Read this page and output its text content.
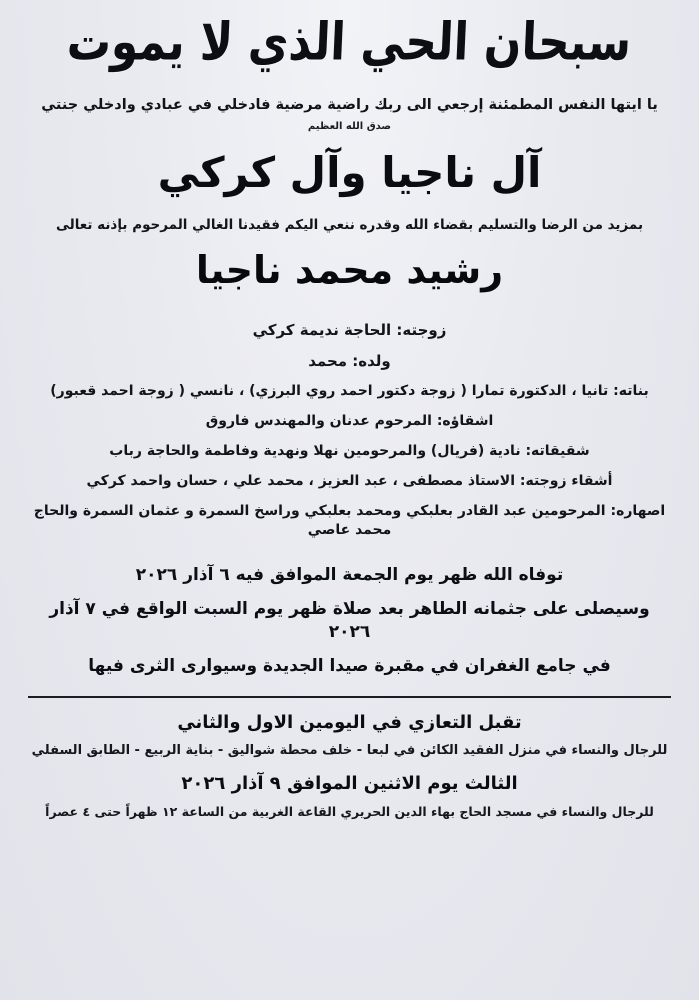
سبحان الحي الذي لا يموت
يا ايتها النفس المطمئنة إرجعي الى ربك راضية مرضية فادخلي في عبادي وادخلي جنتي
صدق الله العظيم
آل ناجيا وآل كركي
بمزيد من الرضا والتسليم بقضاء الله وقدره ننعي اليكم فقيدنا الغالي المرحوم بإذنه تعالى
رشيد محمد ناجيا
زوجته: الحاجة نديمة كركي
ولده: محمد
بناته: تانيا ، الدكتورة تمارا ( زوجة دكتور احمد روي البرزي) ، نانسي ( زوجة احمد قعبور)
اشقاؤه: المرحوم عدنان والمهندس فاروق
شقيقاته: نادية (فريال) والمرحومين نهلا ونهدية وفاطمة والحاجة رباب
أشقاء زوجته: الاستاذ مصطفى ، عبد العزيز ، محمد علي ، حسان واحمد كركي
اصهاره: المرحومين عبد القادر بعلبكي ومحمد بعلبكي وراسخ السمرة و عثمان السمرة والحاج محمد عاصي
توفاه الله ظهر يوم الجمعة الموافق فيه ٦ آذار ٢٠٢٦
وسيصلى على جثمانه الطاهر بعد صلاة ظهر يوم السبت الواقع في ٧ آذار ٢٠٢٦
في جامع الغفران في مقبرة صيدا الجديدة وسيوارى الثرى فيها
تقبل التعازي في اليومين الاول والثاني
للرجال والنساء في منزل الفقيد الكائن في لبعا - خلف محطة شواليق - بناية الربيع - الطابق السفلي
الثالث يوم الاثنين الموافق ٩ آذار ٢٠٢٦
للرجال والنساء في مسجد الحاج بهاء الدين الحريري القاعة الغربية من الساعة ١٢ ظهراً حتى ٤ عصراً
